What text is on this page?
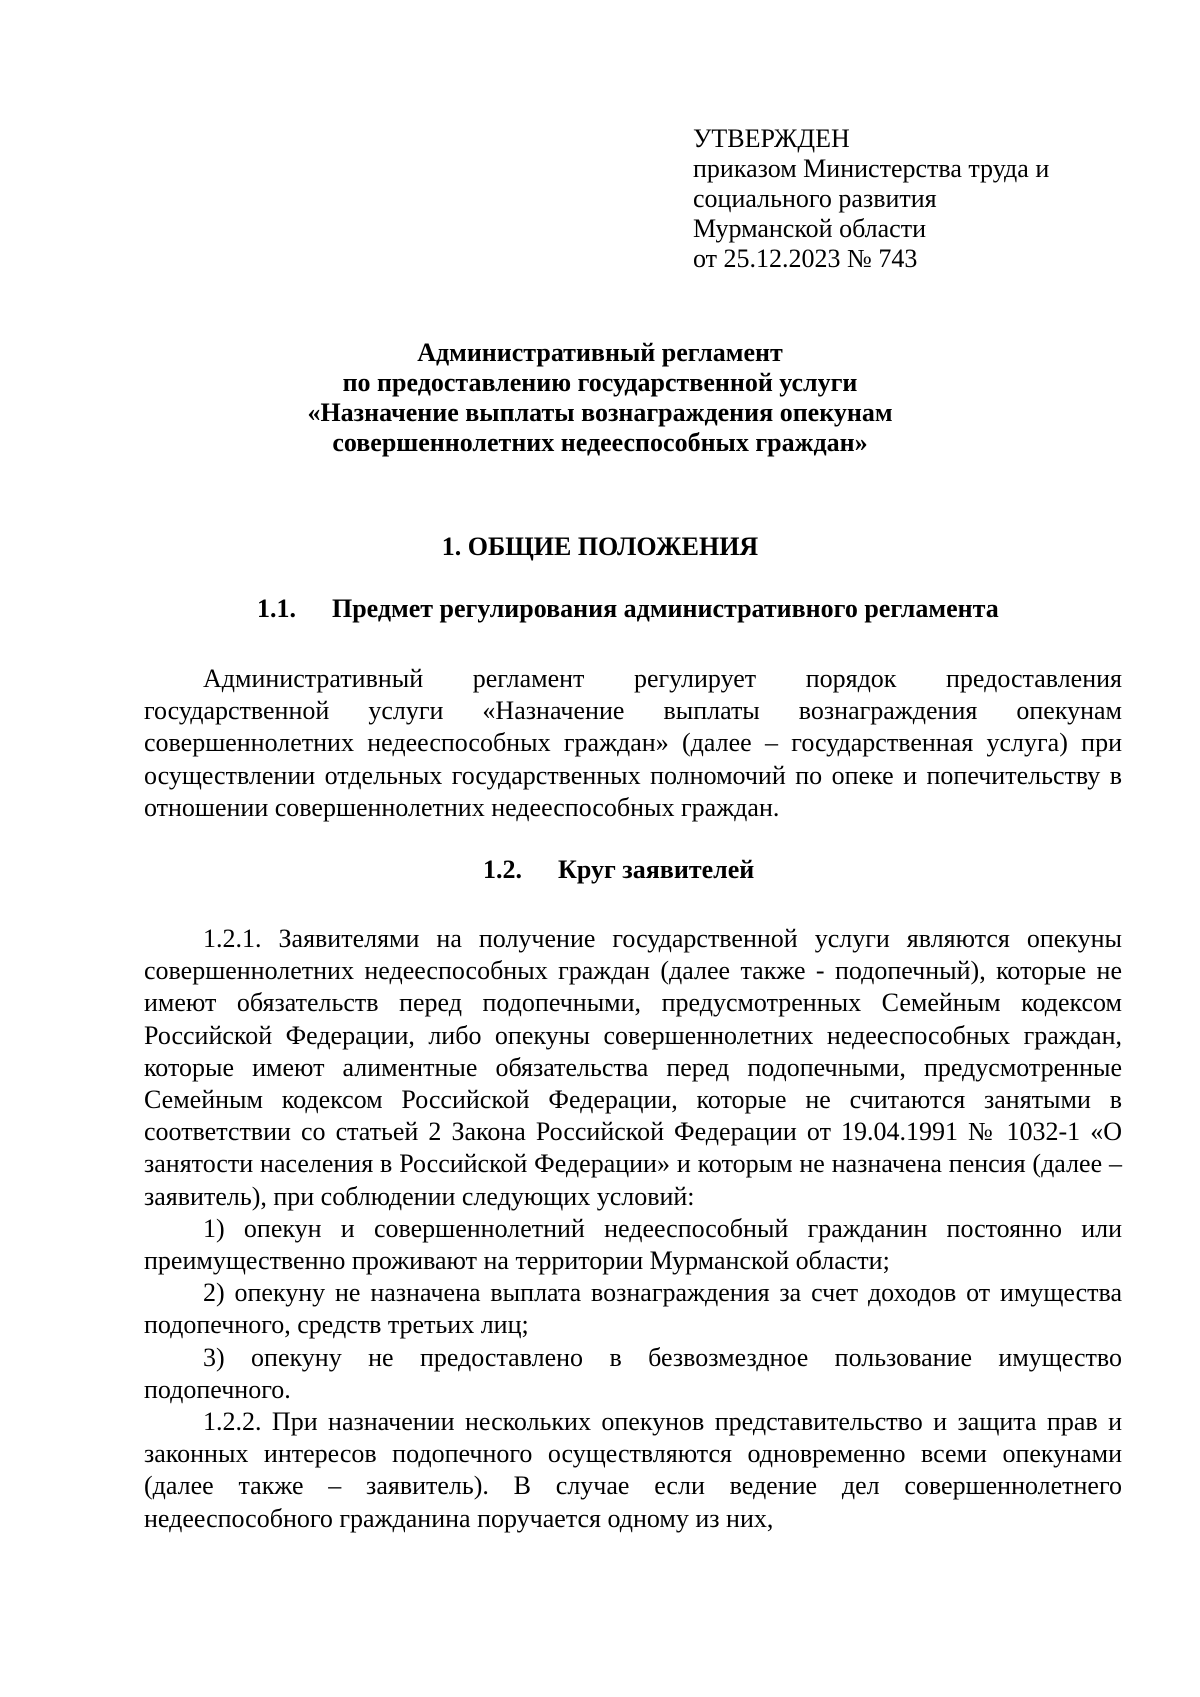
УТВЕРЖДЕН
приказом Министерства труда и
социального развития
Мурманской области
от 25.12.2023 № 743
Административный регламент
по предоставлению государственной услуги
«Назначение выплаты вознаграждения опекунам
совершеннолетних недееспособных граждан»
1. ОБЩИЕ ПОЛОЖЕНИЯ
1.1. Предмет регулирования административного регламента

Административный регламент регулирует порядок предоставления государственной услуги «Назначение выплаты вознаграждения опекунам совершеннолетних недееспособных граждан» (далее – государственная услуга) при осуществлении отдельных государственных полномочий по опеке и попечительству в отношении совершеннолетних недееспособных граждан.

1.2. Круг заявителей

1.2.1. Заявителями на получение государственной услуги являются опекуны совершеннолетних недееспособных граждан (далее также - подопечный), которые не имеют обязательств перед подопечными, предусмотренных Семейным кодексом Российской Федерации, либо опекуны совершеннолетних недееспособных граждан, которые имеют алиментные обязательства перед подопечными, предусмотренные Семейным кодексом Российской Федерации, которые не считаются занятыми в соответствии со статьей 2 Закона Российской Федерации от 19.04.1991 № 1032-1 «О занятости населения в Российской Федерации» и которым не назначена пенсия (далее – заявитель), при соблюдении следующих условий:

1) опекун и совершеннолетний недееспособный гражданин постоянно или преимущественно проживают на территории Мурманской области;

2) опекуну не назначена выплата вознаграждения за счет доходов от имущества подопечного, средств третьих лиц;

3) опекуну не предоставлено в безвозмездное пользование имущество подопечного.

1.2.2. При назначении нескольких опекунов представительство и защита прав и законных интересов подопечного осуществляются одновременно всеми опекунами (далее также – заявитель). В случае если ведение дел совершеннолетнего недееспособного гражданина поручается одному из них,
